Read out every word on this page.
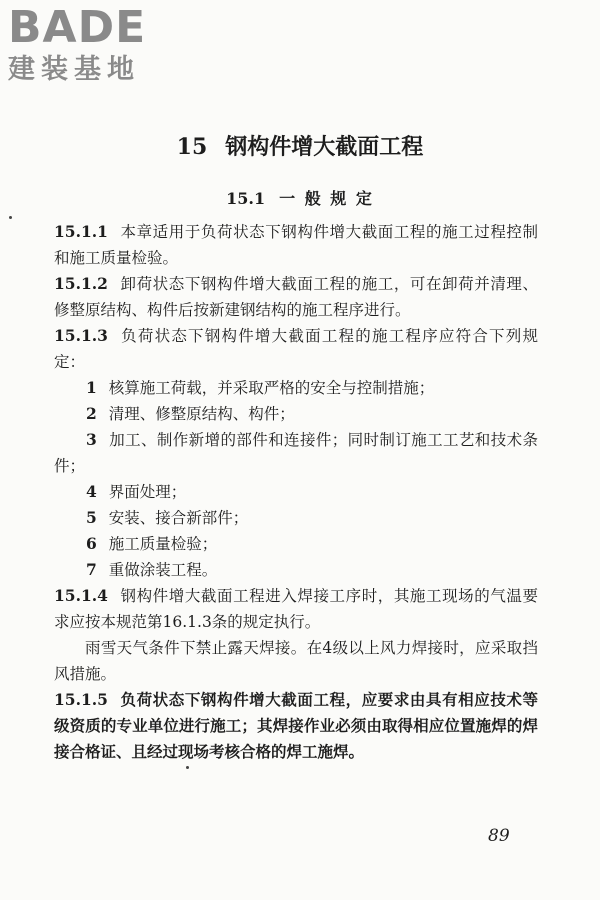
BADE
建装基地
15 钢构件增大截面工程
15.1 一 般 规 定

15.1.1 本章适用于负荷状态下钢构件增大截面工程的施工过程控制和施工质量检验。

15.1.2 卸荷状态下钢构件增大截面工程的施工，可在卸荷并清理、修整原结构、构件后按新建钢结构的施工程序进行。

15.1.3 负荷状态下钢构件增大截面工程的施工程序应符合下列规定：

1 核算施工荷载，并采取严格的安全与控制措施；

2 清理、修整原结构、构件；

3 加工、制作新增的部件和连接件；同时制订施工工艺和技术条件；

4 界面处理；

5 安装、接合新部件；

6 施工质量检验；

7 重做涂装工程。

15.1.4 钢构件增大截面工程进入焊接工序时，其施工现场的气温要求应按本规范第16.1.3条的规定执行。

雨雪天气条件下禁止露天焊接。在4级以上风力焊接时，应采取挡风措施。

15.1.5 负荷状态下钢构件增大截面工程，应要求由具有相应技术等级资质的专业单位进行施工；其焊接作业必须由取得相应位置施焊的焊接合格证、且经过现场考核合格的焊工施焊。

89
